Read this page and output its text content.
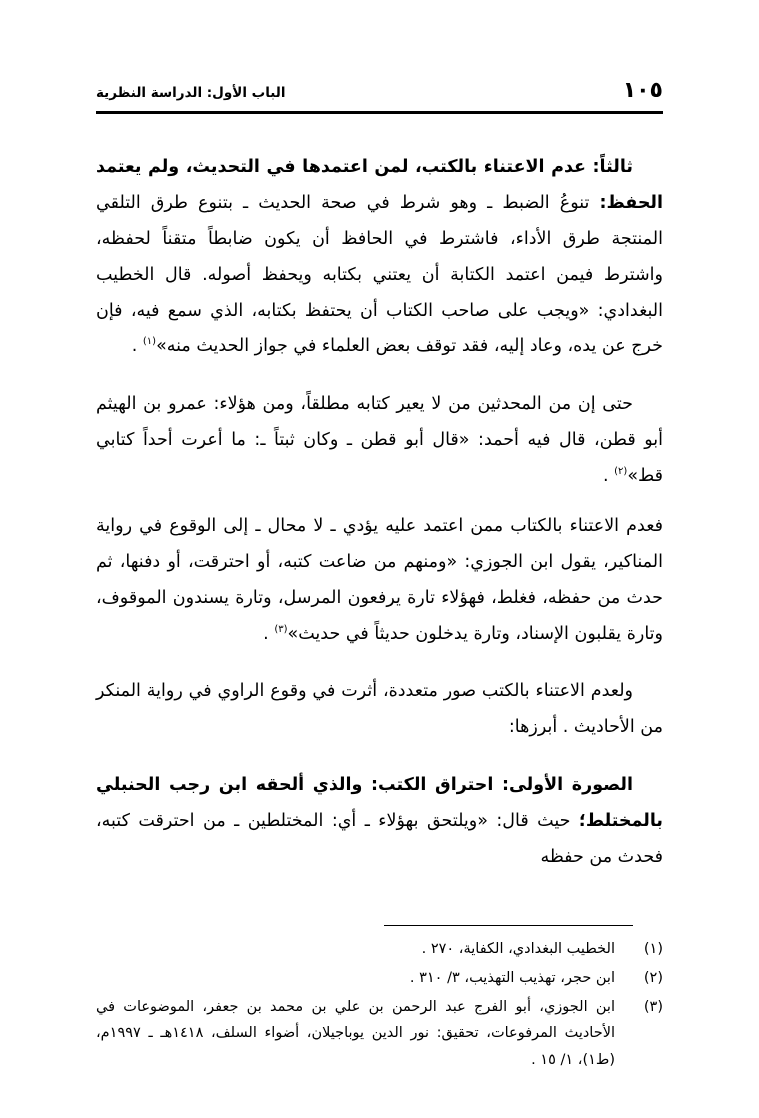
١٠٥
الباب الأول: الدراسة النظرية

ثالثاً: عدم الاعتناء بالكتب، لمن اعتمدها في التحديث، ولم يعتمد الحفظ: تنوعُ الضبط ـ وهو شرط في صحة الحديث ـ بتنوع طرق التلقي المنتجة طرق الأداء، فاشترط في الحافظ أن يكون ضابطاً متقناً لحفظه، واشترط فيمن اعتمد الكتابة أن يعتني بكتابه ويحفظ أصوله. قال الخطيب البغدادي: «ويجب على صاحب الكتاب أن يحتفظ بكتابه، الذي سمع فيه، فإن خرج عن يده، وعاد إليه، فقد توقف بعض العلماء في جواز الحديث منه»$^{(١)}$ .

حتى إن من المحدثين من لا يعير كتابه مطلقاً، ومن هؤلاء: عمرو بن الهيثم أبو قطن، قال فيه أحمد: «قال أبو قطن ـ وكان ثبتاً ـ: ما أعرت أحداً كتابي قط»$^{(٢)}$ .

فعدم الاعتناء بالكتاب ممن اعتمد عليه يؤدي ـ لا محال ـ إلى الوقوع في رواية المناكير، يقول ابن الجوزي: «ومنهم من ضاعت كتبه، أو احترقت، أو دفنها، ثم حدث من حفظه، فغلط، فهؤلاء تارة يرفعون المرسل، وتارة يسندون الموقوف، وتارة يقلبون الإسناد، وتارة يدخلون حديثاً في حديث»$^{(٣)}$ .

ولعدم الاعتناء بالكتب صور متعددة، أثرت في وقوع الراوي في رواية المنكر من الأحاديث . أبرزها:

الصورة الأولى: احتراق الكتب: والذي ألحقه ابن رجب الحنبلي بالمختلط؛ حيث قال: «ويلتحق بهؤلاء ـ أي: المختلطين ـ من احترقت كتبه، فحدث من حفظه

(١)
الخطيب البغدادي، الكفاية، ٢٧٠ .
(٢)
ابن حجر، تهذيب التهذيب، ٣/ ٣١٠ .
(٣)
ابن الجوزي، أبو الفرج عبد الرحمن بن علي بن محمد بن جعفر، الموضوعات في الأحاديث المرفوعات، تحقيق: نور الدين يوباجيلان، أضواء السلف، ١٤١٨هـ ـ ١٩٩٧م، (ط١)، ١/ ١٥ .
